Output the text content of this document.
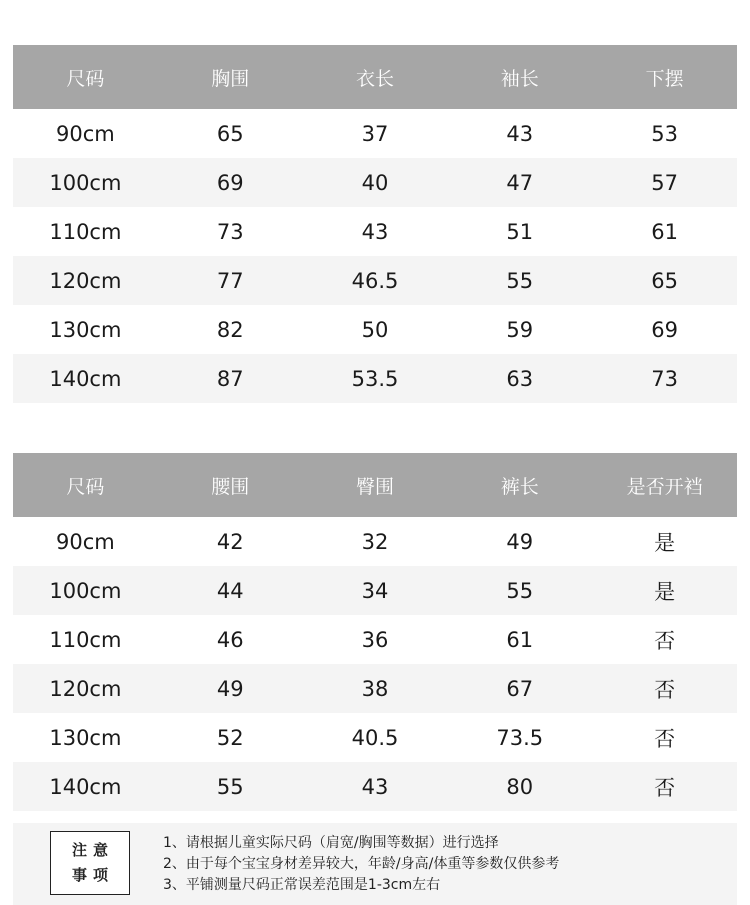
尺码	胸围	衣长	袖长	下摆
90cm	65	37	43	53
100cm	69	40	47	57
110cm	73	43	51	61
120cm	77	46.5	55	65
130cm	82	50	59	69
140cm	87	53.5	63	73
尺码	腰围	臀围	裤长	是否开裆
90cm	42	32	49	是
100cm	44	34	55	是
110cm	46	36	61	否
120cm	49	38	67	否
130cm	52	40.5	73.5	否
140cm	55	43	80	否
注意
事项
1、请根据儿童实际尺码（肩宽/胸围等数据）进行选择
2、由于每个宝宝身材差异较大，年龄/身高/体重等参数仅供参考
3、平铺测量尺码正常误差范围是1-3cm左右
